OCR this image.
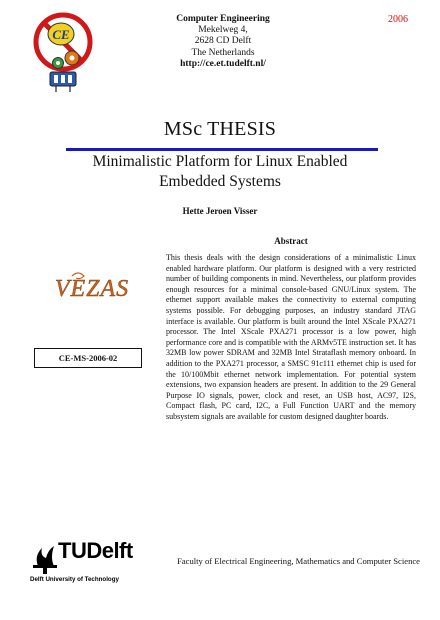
CE
Computer Engineering
Mekelweg 4,
2628 CD Delft
The Netherlands
http://ce.et.tudelft.nl/
2006
MSc THESIS
Minimalistic Platform for Linux Enabled
Embedded Systems
Hette Jeroen Visser
Abstract
This thesis deals with the design considerations of a minimalistic Linux enabled hardware platform. Our platform is designed with a very restricted number of building components in mind. Nevertheless, our platform provides enough resources for a minimal console-based GNU/Linux system. The ethernet support available makes the connectivity to external computing systems possible. For debugging purposes, an industry standard JTAG interface is available. Our platform is built around the Intel XScale PXA271 processor. The Intel XScale PXA271 processor is a low power, high performance core and is compatible with the ARMv5TE instruction set. It has 32MB low power SDRAM and 32MB Intel Strataflash memory onboard. In addition to the PXA271 processor, a SMSC 91c111 ethernet chip is used for the 10/100Mbit ethernet network implementation. For potential system extensions, two expansion headers are present. In addition to the 29 General Purpose IO signals, power, clock and reset, an USB host, AC97, I2S, Compact flash, PC card, I2C, a Full Function UART and the memory subsystem signals are available for custom designed daughter boards.
VEZAS
CE-MS-2006-02
TUDelft
Delft University of Technology
Faculty of Electrical Engineering, Mathematics and Computer Science
